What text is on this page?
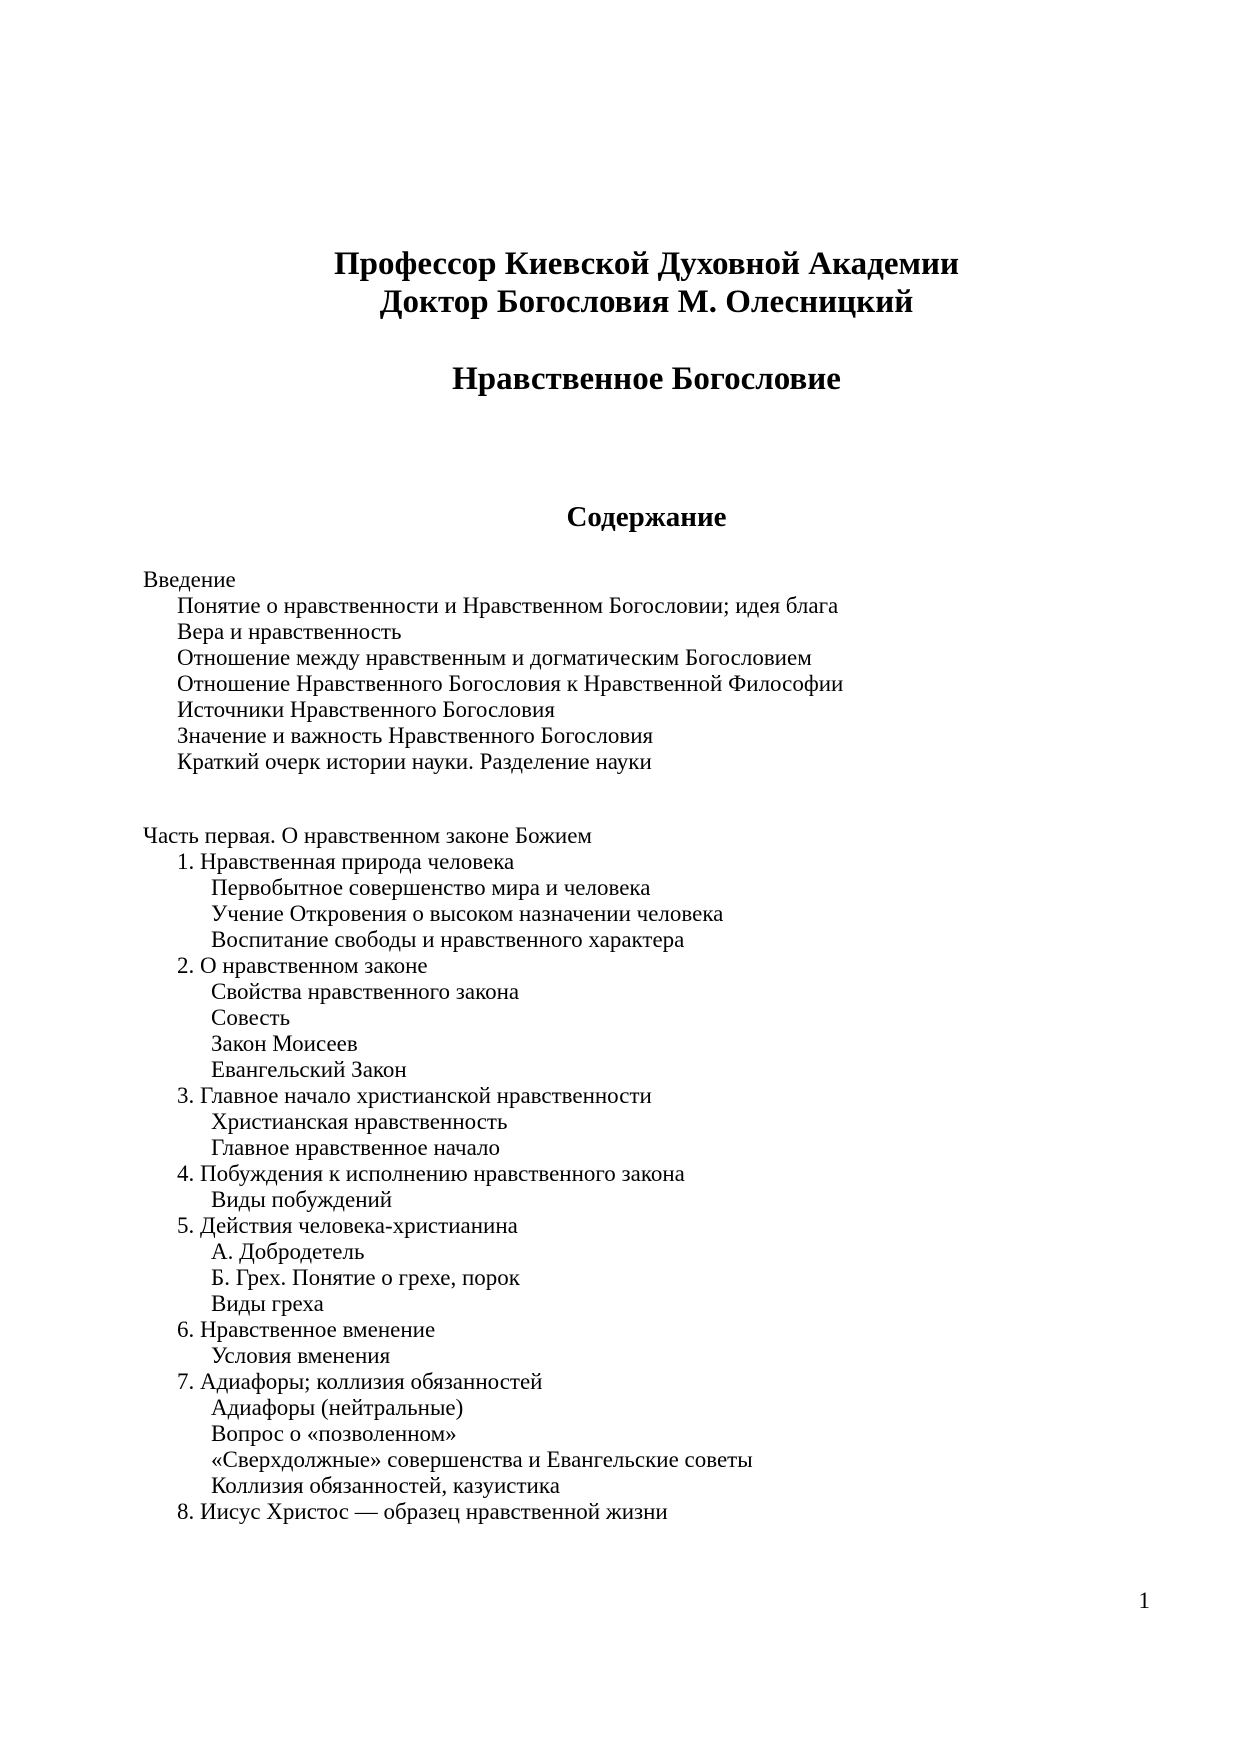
Профессор Киевской Духовной Академии
Доктор Богословия М. Олесницкий
Нравственное Богословие
Содержание
Введение
Понятие о нравственности и Нравственном Богословии; идея блага
Вера и нравственность
Отношение между нравственным и догматическим Богословием
Отношение Нравственного Богословия к Нравственной Философии
Источники Нравственного Богословия
Значение и важность Нравственного Богословия
Краткий очерк истории науки. Разделение науки
Часть первая. О нравственном законе Божием
1. Нравственная природа человека
Первобытное совершенство мира и человека
Учение Откровения о высоком назначении человека
Воспитание свободы и нравственного характера
2. О нравственном законе
Свойства нравственного закона
Совесть
Закон Моисеев
Евангельский Закон
3. Главное начало христианской нравственности
Христианская нравственность
Главное нравственное начало
4. Побуждения к исполнению нравственного закона
Виды побуждений
5. Действия человека-христианина
А. Добродетель
Б. Грех. Понятие о грехе, порок
Виды греха
6. Нравственное вменение
Условия вменения
7. Адиафоры; коллизия обязанностей
Адиафоры (нейтральные)
Вопрос о «позволенном»
«Сверхдолжные» совершенства и Евангельские советы
Коллизия обязанностей, казуистика
8. Иисус Христос — образец нравственной жизни
1
